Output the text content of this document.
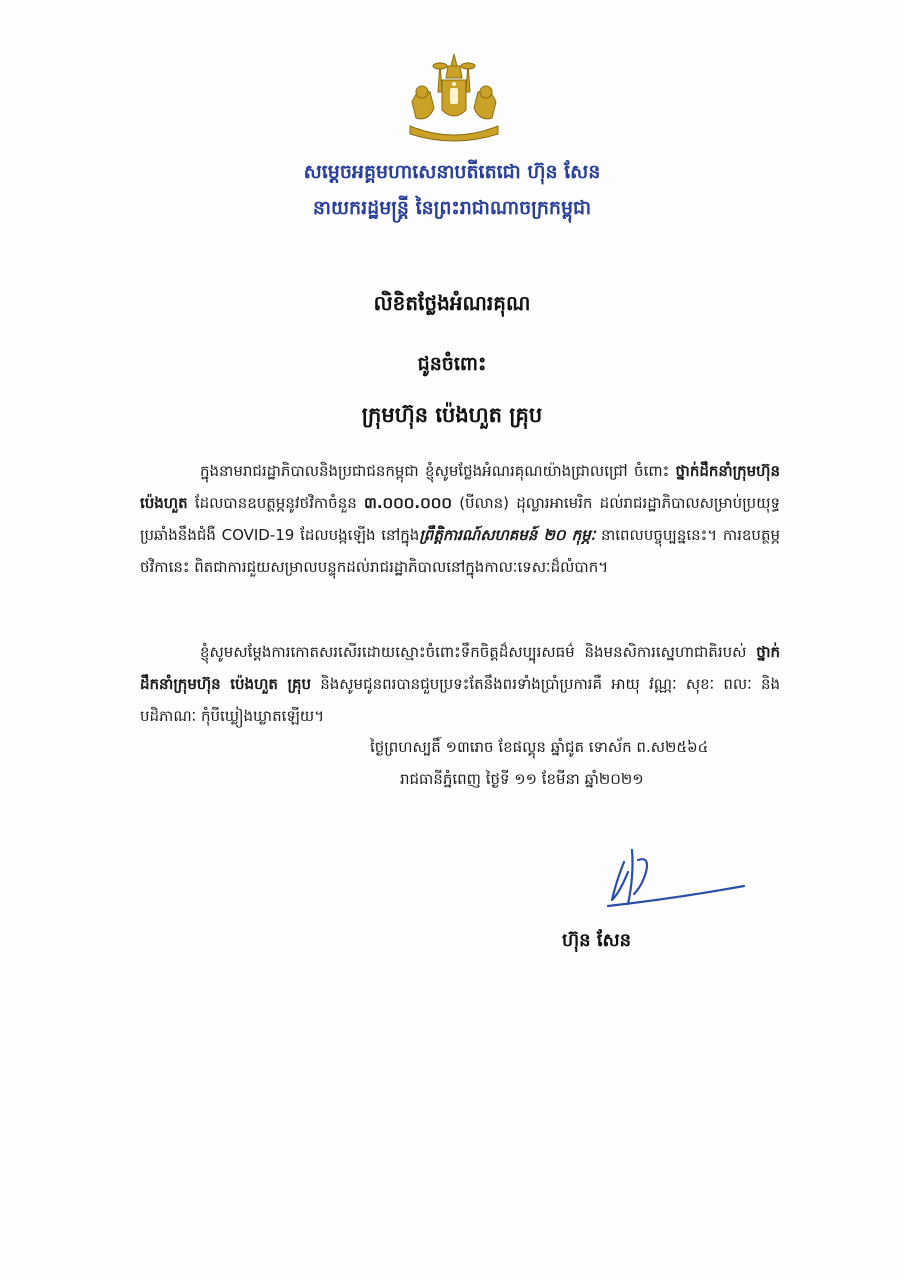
សម្តេចអគ្គមហាសេនាបតីតេជោ ហ៊ុន សែន
នាយករដ្ឋមន្ត្រី នៃព្រះរាជាណាចក្រកម្ពុជា
លិខិតថ្លែងអំណរគុណ
ជូនចំពោះ
ក្រុមហ៊ុន ប៉េងហួត គ្រុប
ក្នុងនាមរាជរដ្ឋាភិបាលនិងប្រជាជនកម្ពុជា ខ្ញុំសូមថ្លែងអំណរគុណយ៉ាងជ្រាលជ្រៅ ចំពោះ ថ្នាក់ដឹកនាំក្រុមហ៊ុន ប៉េងហួត ដែលបានឧបត្ថម្ភនូវថវិកាចំនួន ៣.០០០.០០០ (បីលាន) ដុល្លារអាមេរិក ដល់រាជរដ្ឋាភិបាលសម្រាប់ប្រយុទ្ធប្រឆាំងនឹងជំងឺ COVID-19 ដែលបង្កឡើង នៅក្នុងព្រឹត្តិការណ៍សហគមន៍ ២០ កុម្ភៈ នាពេលបច្ចុប្បន្ននេះ។ ការឧបត្ថម្ភថវិកានេះ ពិតជាការជួយសម្រាលបន្ទុកដល់រាជរដ្ឋាភិបាលនៅក្នុងកាលៈទេសៈដ៏លំបាក។
ខ្ញុំសូមសម្តែងការកោតសរសើរដោយស្មោះចំពោះទឹកចិត្តដ៏សប្បុរសធម៌ និងមនសិការស្នេហាជាតិរបស់ ថ្នាក់ដឹកនាំក្រុមហ៊ុន ប៉េងហួត គ្រុប និងសូមជូនពរបានជួបប្រទះតែនឹងពរទាំងប្រាំប្រការគឺ អាយុ វណ្ណៈ សុខៈ ពលៈ និងបដិភាណៈ កុំបីឃ្លៀងឃ្លាតឡើយ។
ថ្ងៃព្រហស្បតិ៍ ១៣រោច ខែផល្គុន ឆ្នាំជូត ទោស័ក ព.ស២៥៦៤
រាជធានីភ្នំពេញ ថ្ងៃទី ១១ ខែមីនា ឆ្នាំ២០២១
ហ៊ុន សែន
